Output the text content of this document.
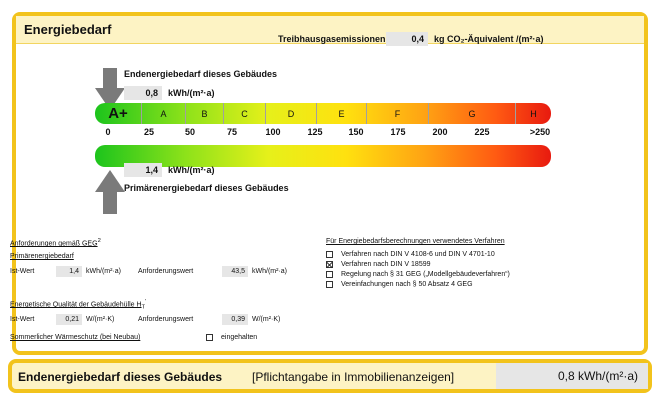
Energiebedarf
Treibhausgasemissionen	0,4	kg CO₂-Äquivalent /(m²·a)
Endenergiebedarf dieses Gebäudes
0,8	kWh/(m²·a)
A+	A	B	C	D	E	F	G	H
0	25	50	75	100	125	150	175	200	225	>250
1,4	kWh/(m²·a)
Primärenergiebedarf dieses Gebäudes
Anforderungen gemäß GEG$^2$
Primärenergiebedarf
Ist-Wert	1,4	kWh/(m²·a)	Anforderungswert	43,5	kWh/(m²·a)
Energetische Qualität der Gebäudehülle $H_T'$
Ist-Wert	0,21	W/(m²·K)	Anforderungswert	0,39	W/(m²·K)
Sommerlicher Wärmeschutz (bei Neubau)	eingehalten
Für Energiebedarfsberechnungen verwendetes Verfahren
Verfahren nach DIN V 4108-6 und DIN V 4701-10
Verfahren nach DIN V 18599
Regelung nach § 31 GEG („Modellgebäudeverfahren“)
Vereinfachungen nach § 50 Absatz 4 GEG
Endenergiebedarf dieses Gebäudes [Pflichtangabe in Immobilienanzeigen]	0,8 kWh/(m²·a)
